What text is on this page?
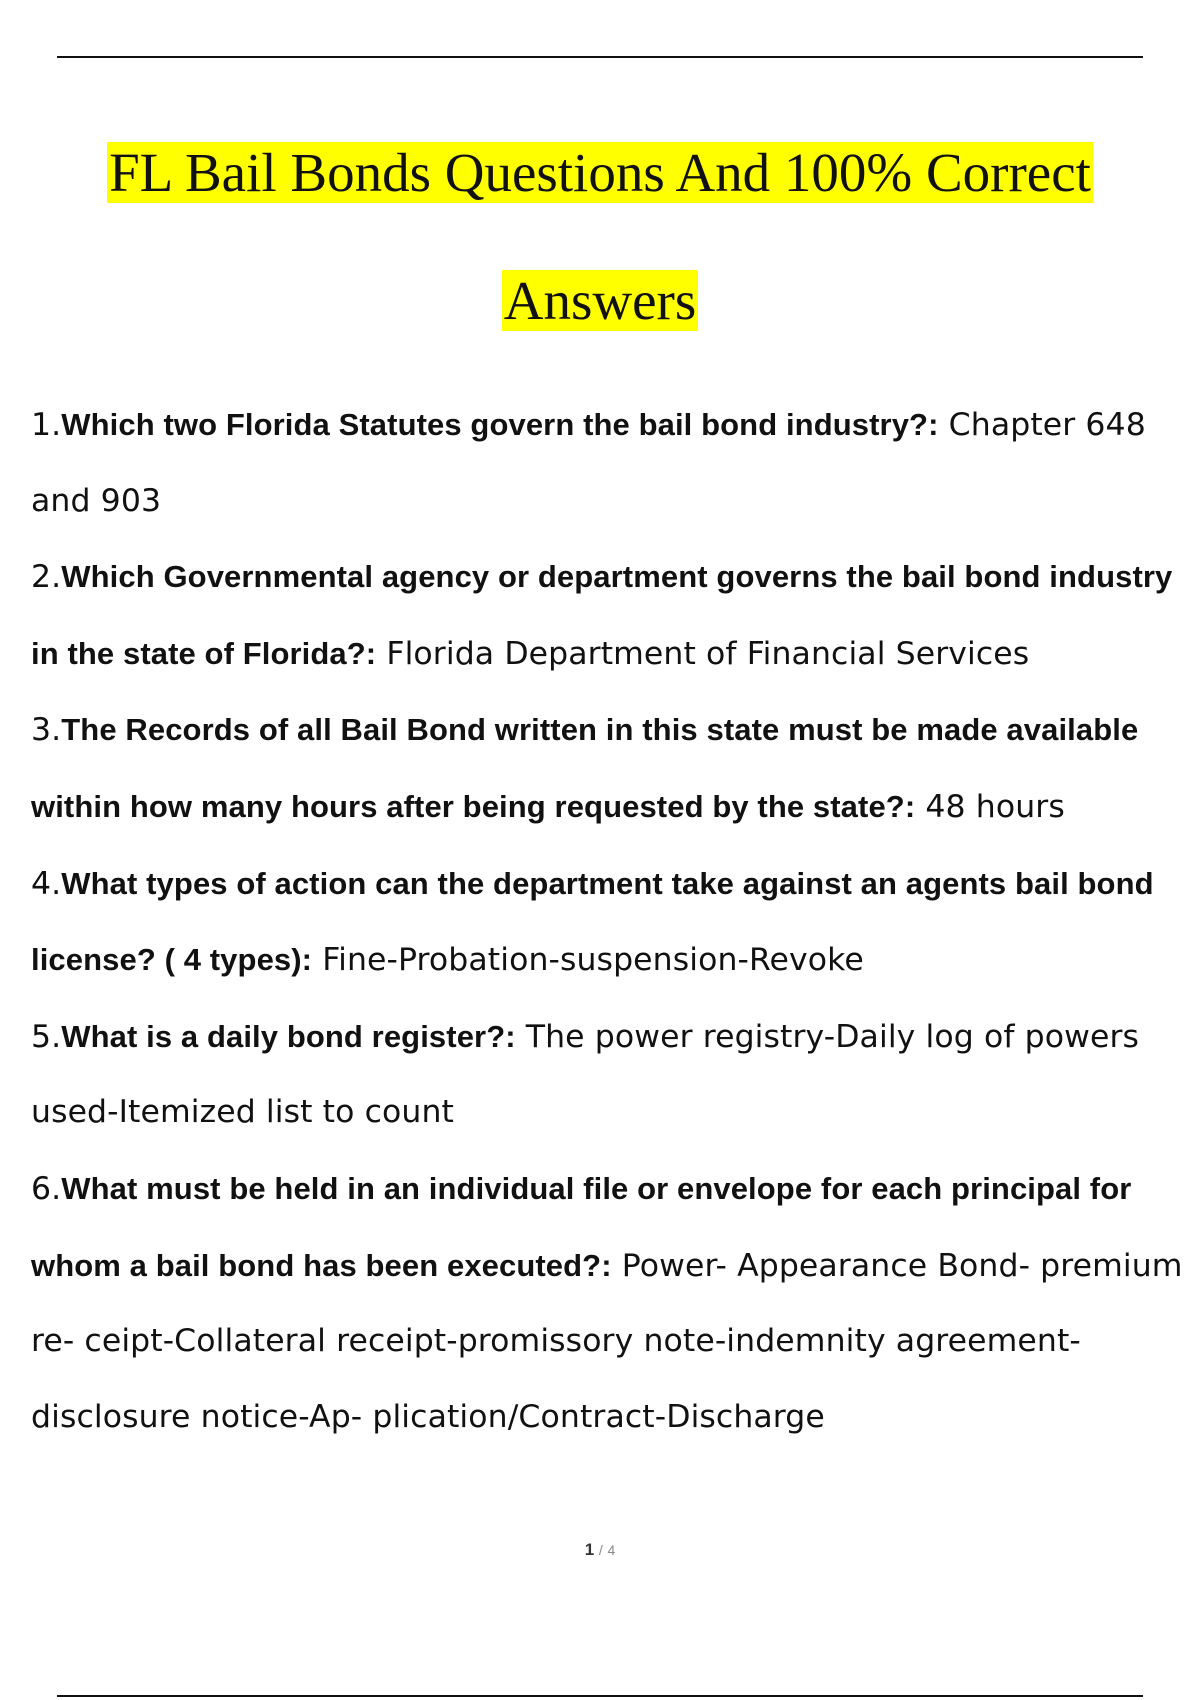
FL Bail Bonds Questions And 100% Correct
Answers

1.Which two Florida Statutes govern the bail bond industry?: Chapter 648 and 903

2.Which Governmental agency or department governs the bail bond industry in the state of Florida?: Florida Department of Financial Services

3.The Records of all Bail Bond written in this state must be made available within how many hours after being requested by the state?: 48 hours

4.What types of action can the department take against an agents bail bond license? ( 4 types): Fine-Probation-suspension-Revoke

5.What is a daily bond register?: The power registry-Daily log of powers used-Itemized list to count

6.What must be held in an individual file or envelope for each principal for whom a bail bond has been executed?: Power- Appearance Bond- premium re- ceipt-Collateral receipt-promissory note-indemnity agreement-disclosure notice-Ap- plication/Contract-Discharge

1 / 4
